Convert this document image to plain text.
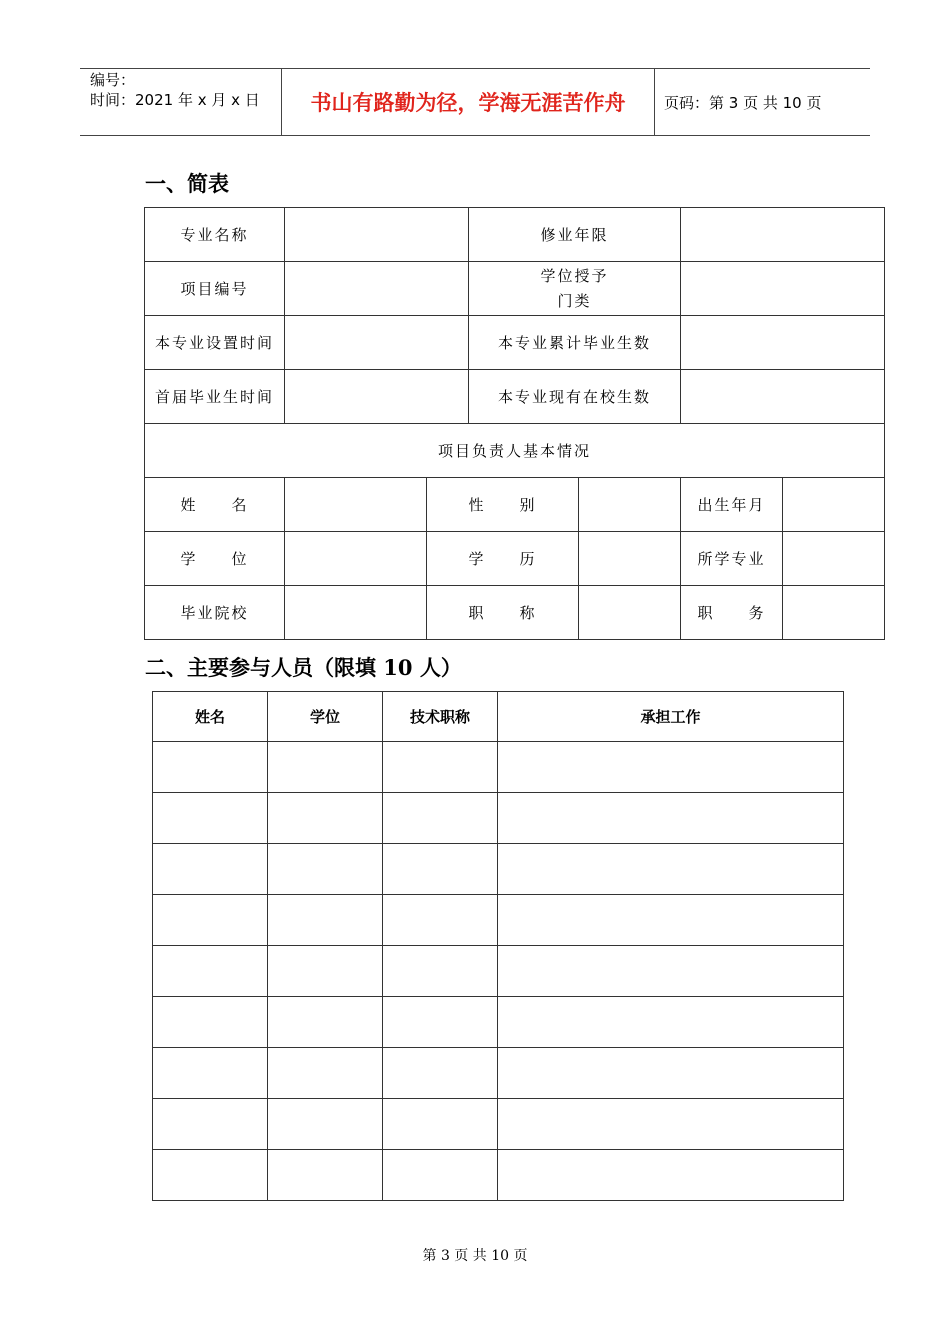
编号：
时间：2021 年 x 月 x 日	书山有路勤为径，学海无涯苦作舟	页码：第 3 页 共 10 页
一、简表
专业名称			修业年限			
项目编号			学位授予
门类			

本专业设置时间			本专业累计毕业生数			
首届毕业生时间			本专业现有在校生数			
项目负责人基本情况						
姓　　名		性　　别			出生年月	
学　　位		学　　历			所学专业	
毕业院校		职　　称			职　　务	
二、主要参与人员（限填 10 人）
姓名	学位	技术职称	承担工作

第 3 页 共 10 页
